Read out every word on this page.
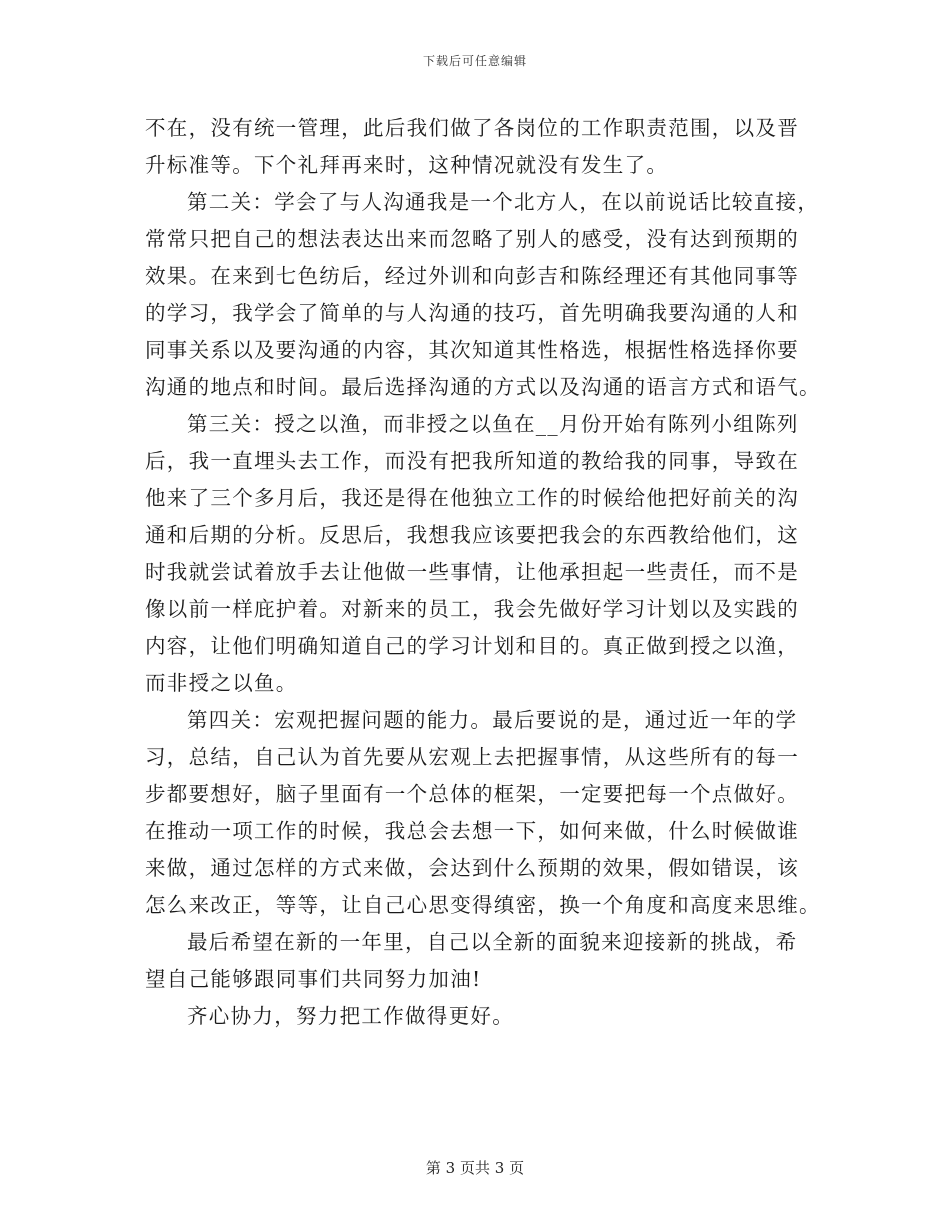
下载后可任意编辑
不在，没有统一管理，此后我们做了各岗位的工作职责范围，以及晋
升标准等。下个礼拜再来时，这种情况就没有发生了。
第二关：学会了与人沟通我是一个北方人，在以前说话比较直接，
常常只把自己的想法表达出来而忽略了别人的感受，没有达到预期的
效果。在来到七色纺后，经过外训和向彭吉和陈经理还有其他同事等
的学习，我学会了简单的与人沟通的技巧，首先明确我要沟通的人和
同事关系以及要沟通的内容，其次知道其性格选，根据性格选择你要
沟通的地点和时间。最后选择沟通的方式以及沟通的语言方式和语气。
第三关：授之以渔，而非授之以鱼在__月份开始有陈列小组陈列
后，我一直埋头去工作，而没有把我所知道的教给我的同事，导致在
他来了三个多月后，我还是得在他独立工作的时候给他把好前关的沟
通和后期的分析。反思后，我想我应该要把我会的东西教给他们，这
时我就尝试着放手去让他做一些事情，让他承担起一些责任，而不是
像以前一样庇护着。对新来的员工，我会先做好学习计划以及实践的
内容，让他们明确知道自己的学习计划和目的。真正做到授之以渔，
而非授之以鱼。
第四关：宏观把握问题的能力。最后要说的是，通过近一年的学
习，总结，自己认为首先要从宏观上去把握事情，从这些所有的每一
步都要想好，脑子里面有一个总体的框架，一定要把每一个点做好。
在推动一项工作的时候，我总会去想一下，如何来做，什么时候做谁
来做，通过怎样的方式来做，会达到什么预期的效果，假如错误，该
怎么来改正，等等，让自己心思变得缜密，换一个角度和高度来思维。
最后希望在新的一年里，自己以全新的面貌来迎接新的挑战，希
望自己能够跟同事们共同努力加油!
齐心协力，努力把工作做得更好。
第 3 页共 3 页
